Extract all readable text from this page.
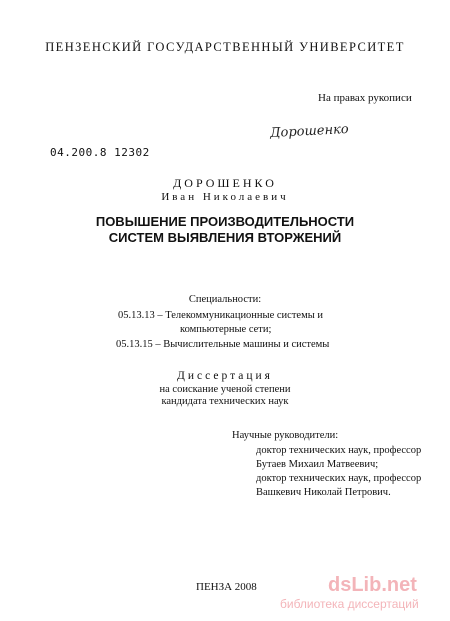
ПЕНЗЕНСКИЙ ГОСУДАРСТВЕННЫЙ УНИВЕРСИТЕТ
На правах рукописи
Дорошенко
04.200.8 12302
ДОРОШЕНКО
Иван Николаевич
ПОВЫШЕНИЕ ПРОИЗВОДИТЕЛЬНОСТИ
СИСТЕМ ВЫЯВЛЕНИЯ ВТОРЖЕНИЙ
Специальности:
05.13.13 – Телекоммуникационные системы и
компьютерные сети;
05.13.15 – Вычислительные машины и системы
Диссертация
на соискание ученой степени
кандидата технических наук
Научные руководители:
доктор технических наук, профессор
Бутаев Михаил Матвеевич;
доктор технических наук, профессор
Вашкевич Николай Петрович.
ПЕНЗА 2008	dsLib.net
библиотека диссертаций
